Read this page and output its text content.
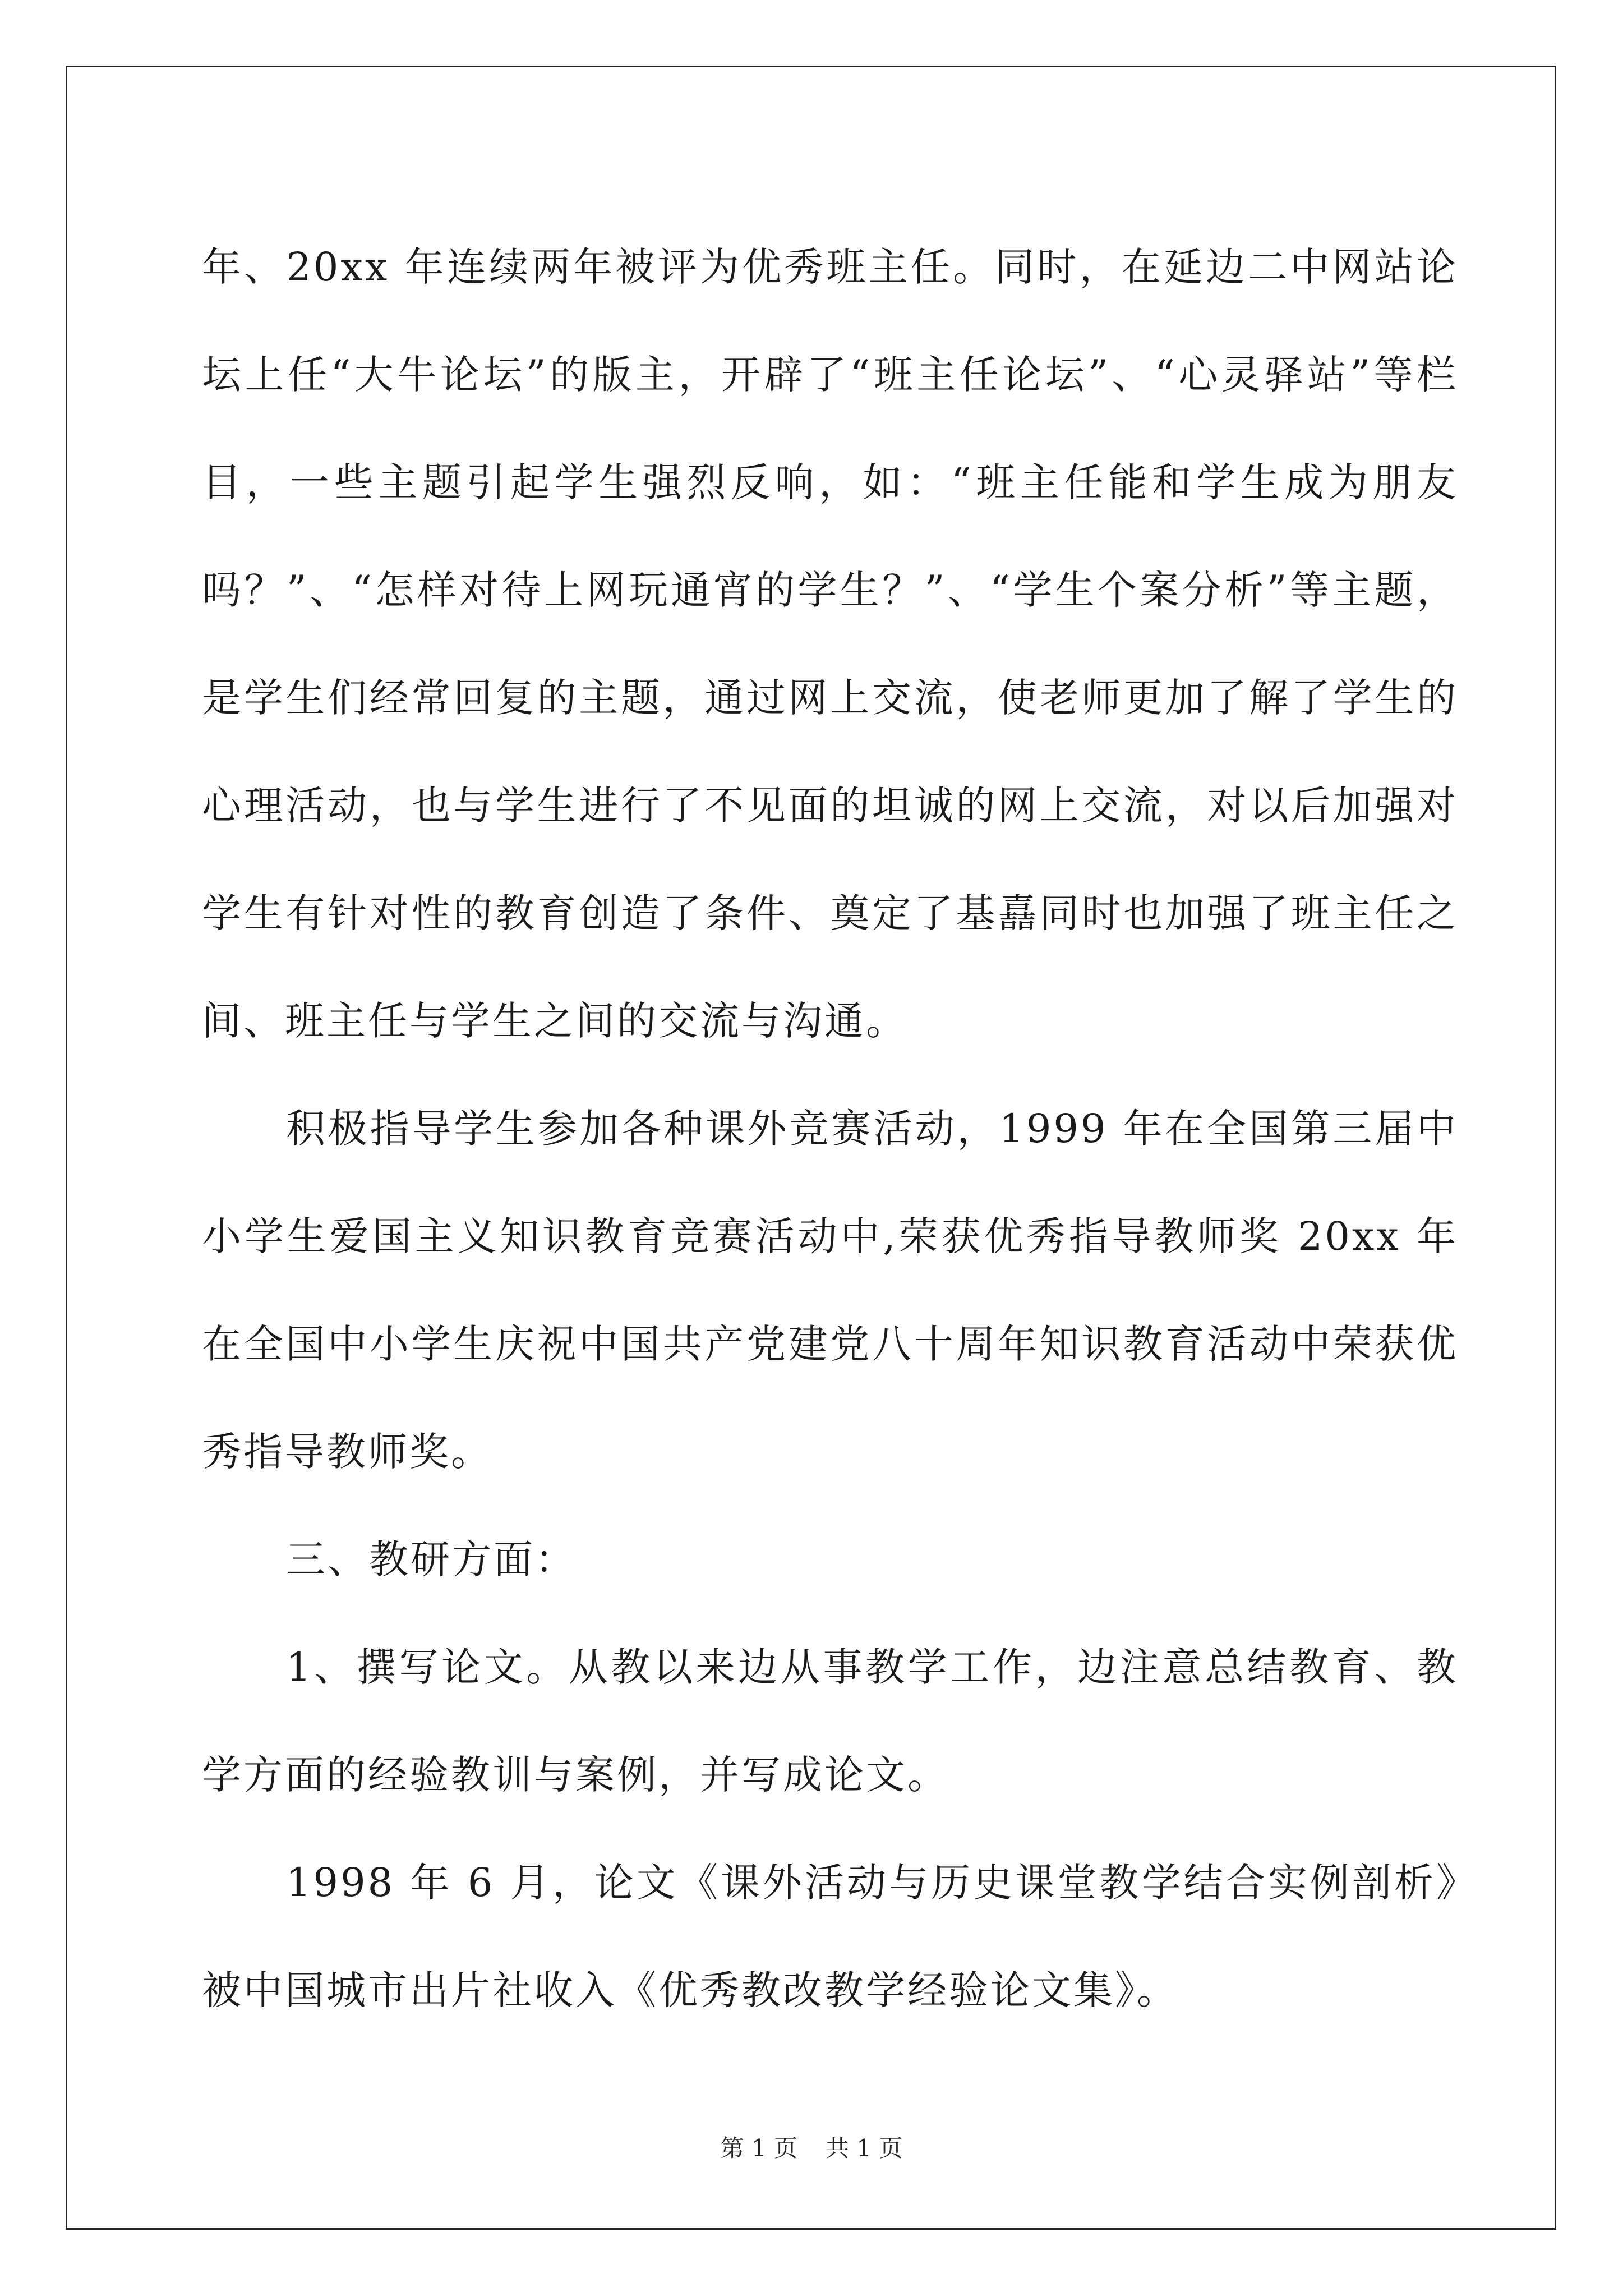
年、20xx 年连续两年被评为优秀班主任。同时，在延边二中网站论坛上任“大牛论坛”的版主，开辟了“班主任论坛”、“心灵驿站”等栏目，一些主题引起学生强烈反响，如：“班主任能和学生成为朋友吗？”、“怎样对待上网玩通宵的学生？”、“学生个案分析”等主题，是学生们经常回复的主题，通过网上交流，使老师更加了解了学生的心理活动，也与学生进行了不见面的坦诚的网上交流，对以后加强对学生有针对性的教育创造了条件、奠定了基嚞同时也加强了班主任之间、班主任与学生之间的交流与沟通。

积极指导学生参加各种课外竞赛活动，1999 年在全国第三届中小学生爱国主义知识教育竞赛活动中,荣获优秀指导教师奖 20xx 年在全国中小学生庆祝中国共产党建党八十周年知识教育活动中荣获优秀指导教师奖。

三、教研方面：

1、撰写论文。从教以来边从事教学工作，边注意总结教育、教学方面的经验教训与案例，并写成论文。

1998 年 6 月，论文《课外活动与历史课堂教学结合实例剖析》被中国城市出片社收入《优秀教改教学经验论文集》。

第 1 页 共 1 页
